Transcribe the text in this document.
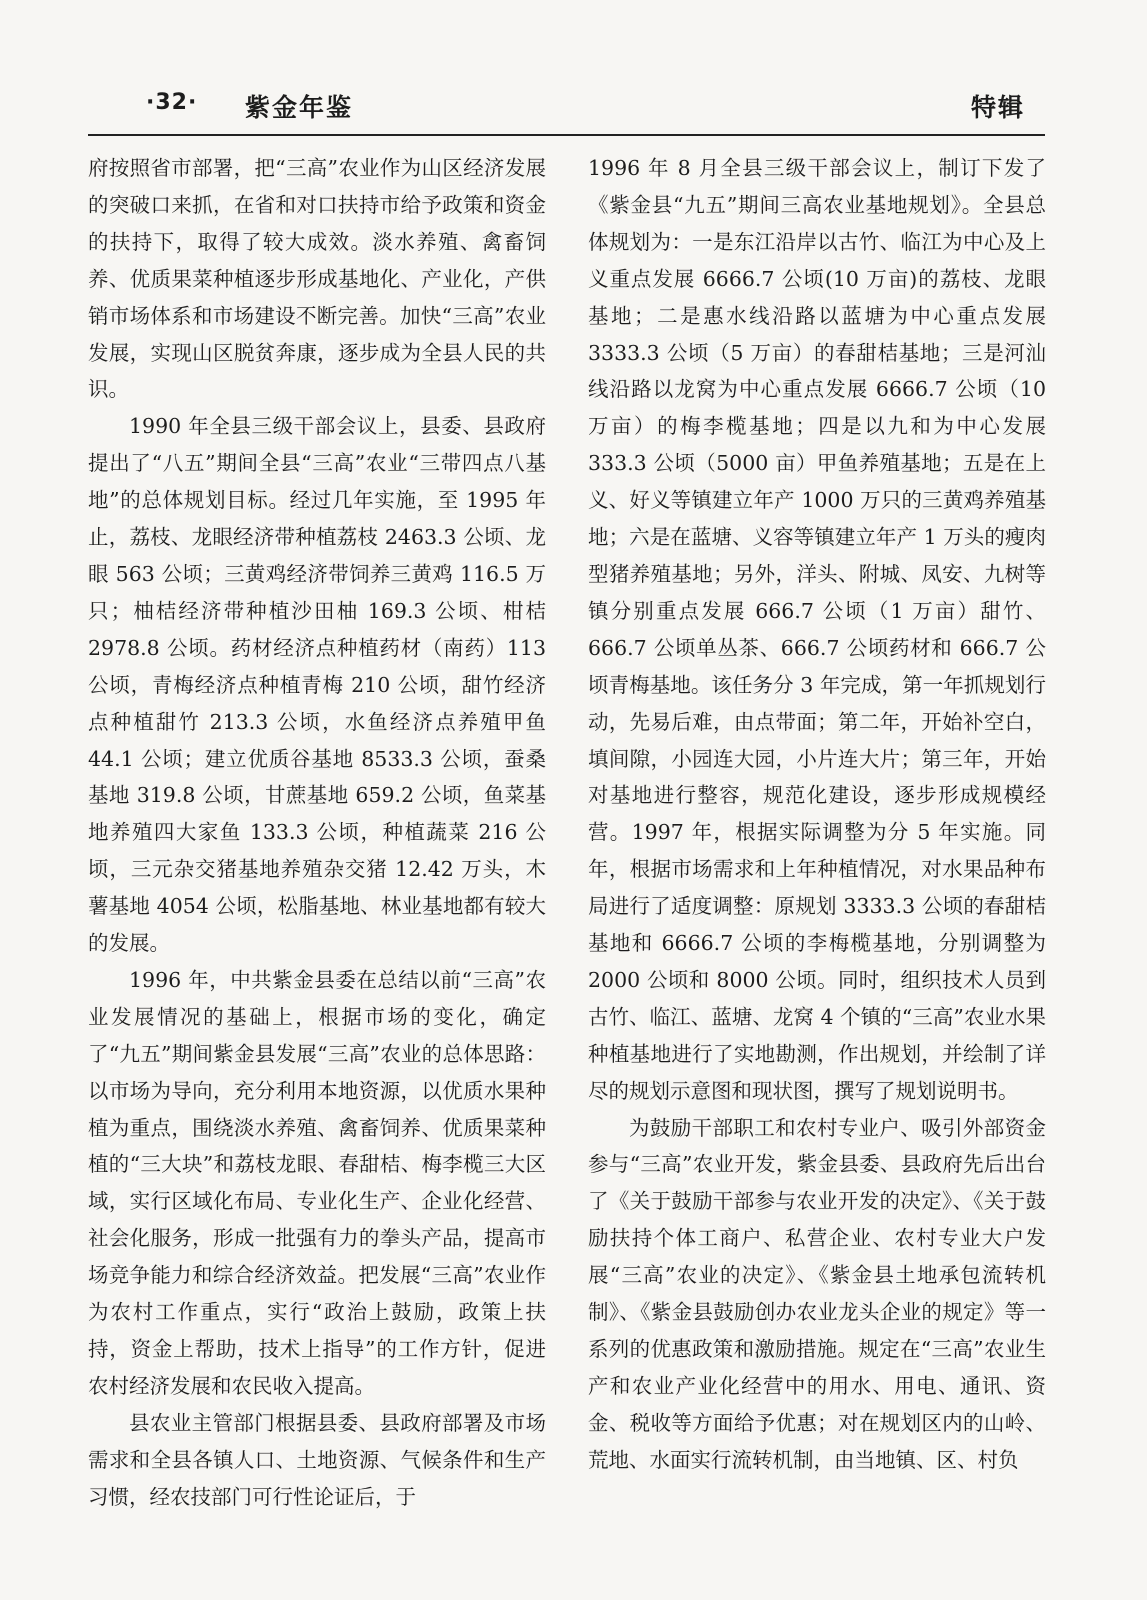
·32· 紫金年鉴	特辑

府按照省市部署，把“三高”农业作为山区经济发展的突破口来抓，在省和对口扶持市给予政策和资金的扶持下，取得了较大成效。淡水养殖、禽畜饲养、优质果菜种植逐步形成基地化、产业化，产供销市场体系和市场建设不断完善。加快“三高”农业发展，实现山区脱贫奔康，逐步成为全县人民的共识。

1990 年全县三级干部会议上，县委、县政府提出了“八五”期间全县“三高”农业“三带四点八基地”的总体规划目标。经过几年实施，至 1995 年止，荔枝、龙眼经济带种植荔枝 2463.3 公顷、龙眼 563 公顷；三黄鸡经济带饲养三黄鸡 116.5 万只；柚桔经济带种植沙田柚 169.3 公顷、柑桔 2978.8 公顷。药材经济点种植药材（南药）113 公顷，青梅经济点种植青梅 210 公顷，甜竹经济点种植甜竹 213.3 公顷，水鱼经济点养殖甲鱼 44.1 公顷；建立优质谷基地 8533.3 公顷，蚕桑基地 319.8 公顷，甘蔗基地 659.2 公顷，鱼菜基地养殖四大家鱼 133.3 公顷，种植蔬菜 216 公顷，三元杂交猪基地养殖杂交猪 12.42 万头，木薯基地 4054 公顷，松脂基地、林业基地都有较大的发展。

1996 年，中共紫金县委在总结以前“三高”农业发展情况的基础上，根据市场的变化，确定了“九五”期间紫金县发展“三高”农业的总体思路：以市场为导向，充分利用本地资源，以优质水果种植为重点，围绕淡水养殖、禽畜饲养、优质果菜种植的“三大块”和荔枝龙眼、春甜桔、梅李榄三大区域，实行区域化布局、专业化生产、企业化经营、社会化服务，形成一批强有力的拳头产品，提高市场竞争能力和综合经济效益。把发展“三高”农业作为农村工作重点，实行“政治上鼓励，政策上扶持，资金上帮助，技术上指导”的工作方针，促进农村经济发展和农民收入提高。

县农业主管部门根据县委、县政府部署及市场需求和全县各镇人口、土地资源、气候条件和生产习惯，经农技部门可行性论证后，于

1996 年 8 月全县三级干部会议上，制订下发了《紫金县“九五”期间三高农业基地规划》。全县总体规划为：一是东江沿岸以古竹、临江为中心及上义重点发展 6666.7 公顷(10 万亩)的荔枝、龙眼基地；二是惠水线沿路以蓝塘为中心重点发展 3333.3 公顷（5 万亩）的春甜桔基地；三是河汕线沿路以龙窝为中心重点发展 6666.7 公顷（10 万亩）的梅李榄基地；四是以九和为中心发展 333.3 公顷（5000 亩）甲鱼养殖基地；五是在上义、好义等镇建立年产 1000 万只的三黄鸡养殖基地；六是在蓝塘、义容等镇建立年产 1 万头的瘦肉型猪养殖基地；另外，洋头、附城、凤安、九树等镇分别重点发展 666.7 公顷（1 万亩）甜竹、666.7 公顷单丛茶、666.7 公顷药材和 666.7 公顷青梅基地。该任务分 3 年完成，第一年抓规划行动，先易后难，由点带面；第二年，开始补空白，填间隙，小园连大园，小片连大片；第三年，开始对基地进行整容，规范化建设，逐步形成规模经营。1997 年，根据实际调整为分 5 年实施。同年，根据市场需求和上年种植情况，对水果品种布局进行了适度调整：原规划 3333.3 公顷的春甜桔基地和 6666.7 公顷的李梅榄基地，分别调整为 2000 公顷和 8000 公顷。同时，组织技术人员到古竹、临江、蓝塘、龙窝 4 个镇的“三高”农业水果种植基地进行了实地勘测，作出规划，并绘制了详尽的规划示意图和现状图，撰写了规划说明书。

为鼓励干部职工和农村专业户、吸引外部资金参与“三高”农业开发，紫金县委、县政府先后出台了《关于鼓励干部参与农业开发的决定》、《关于鼓励扶持个体工商户、私营企业、农村专业大户发展“三高”农业的决定》、《紫金县土地承包流转机制》、《紫金县鼓励创办农业龙头企业的规定》等一系列的优惠政策和激励措施。规定在“三高”农业生产和农业产业化经营中的用水、用电、通讯、资金、税收等方面给予优惠；对在规划区内的山岭、荒地、水面实行流转机制，由当地镇、区、村负
